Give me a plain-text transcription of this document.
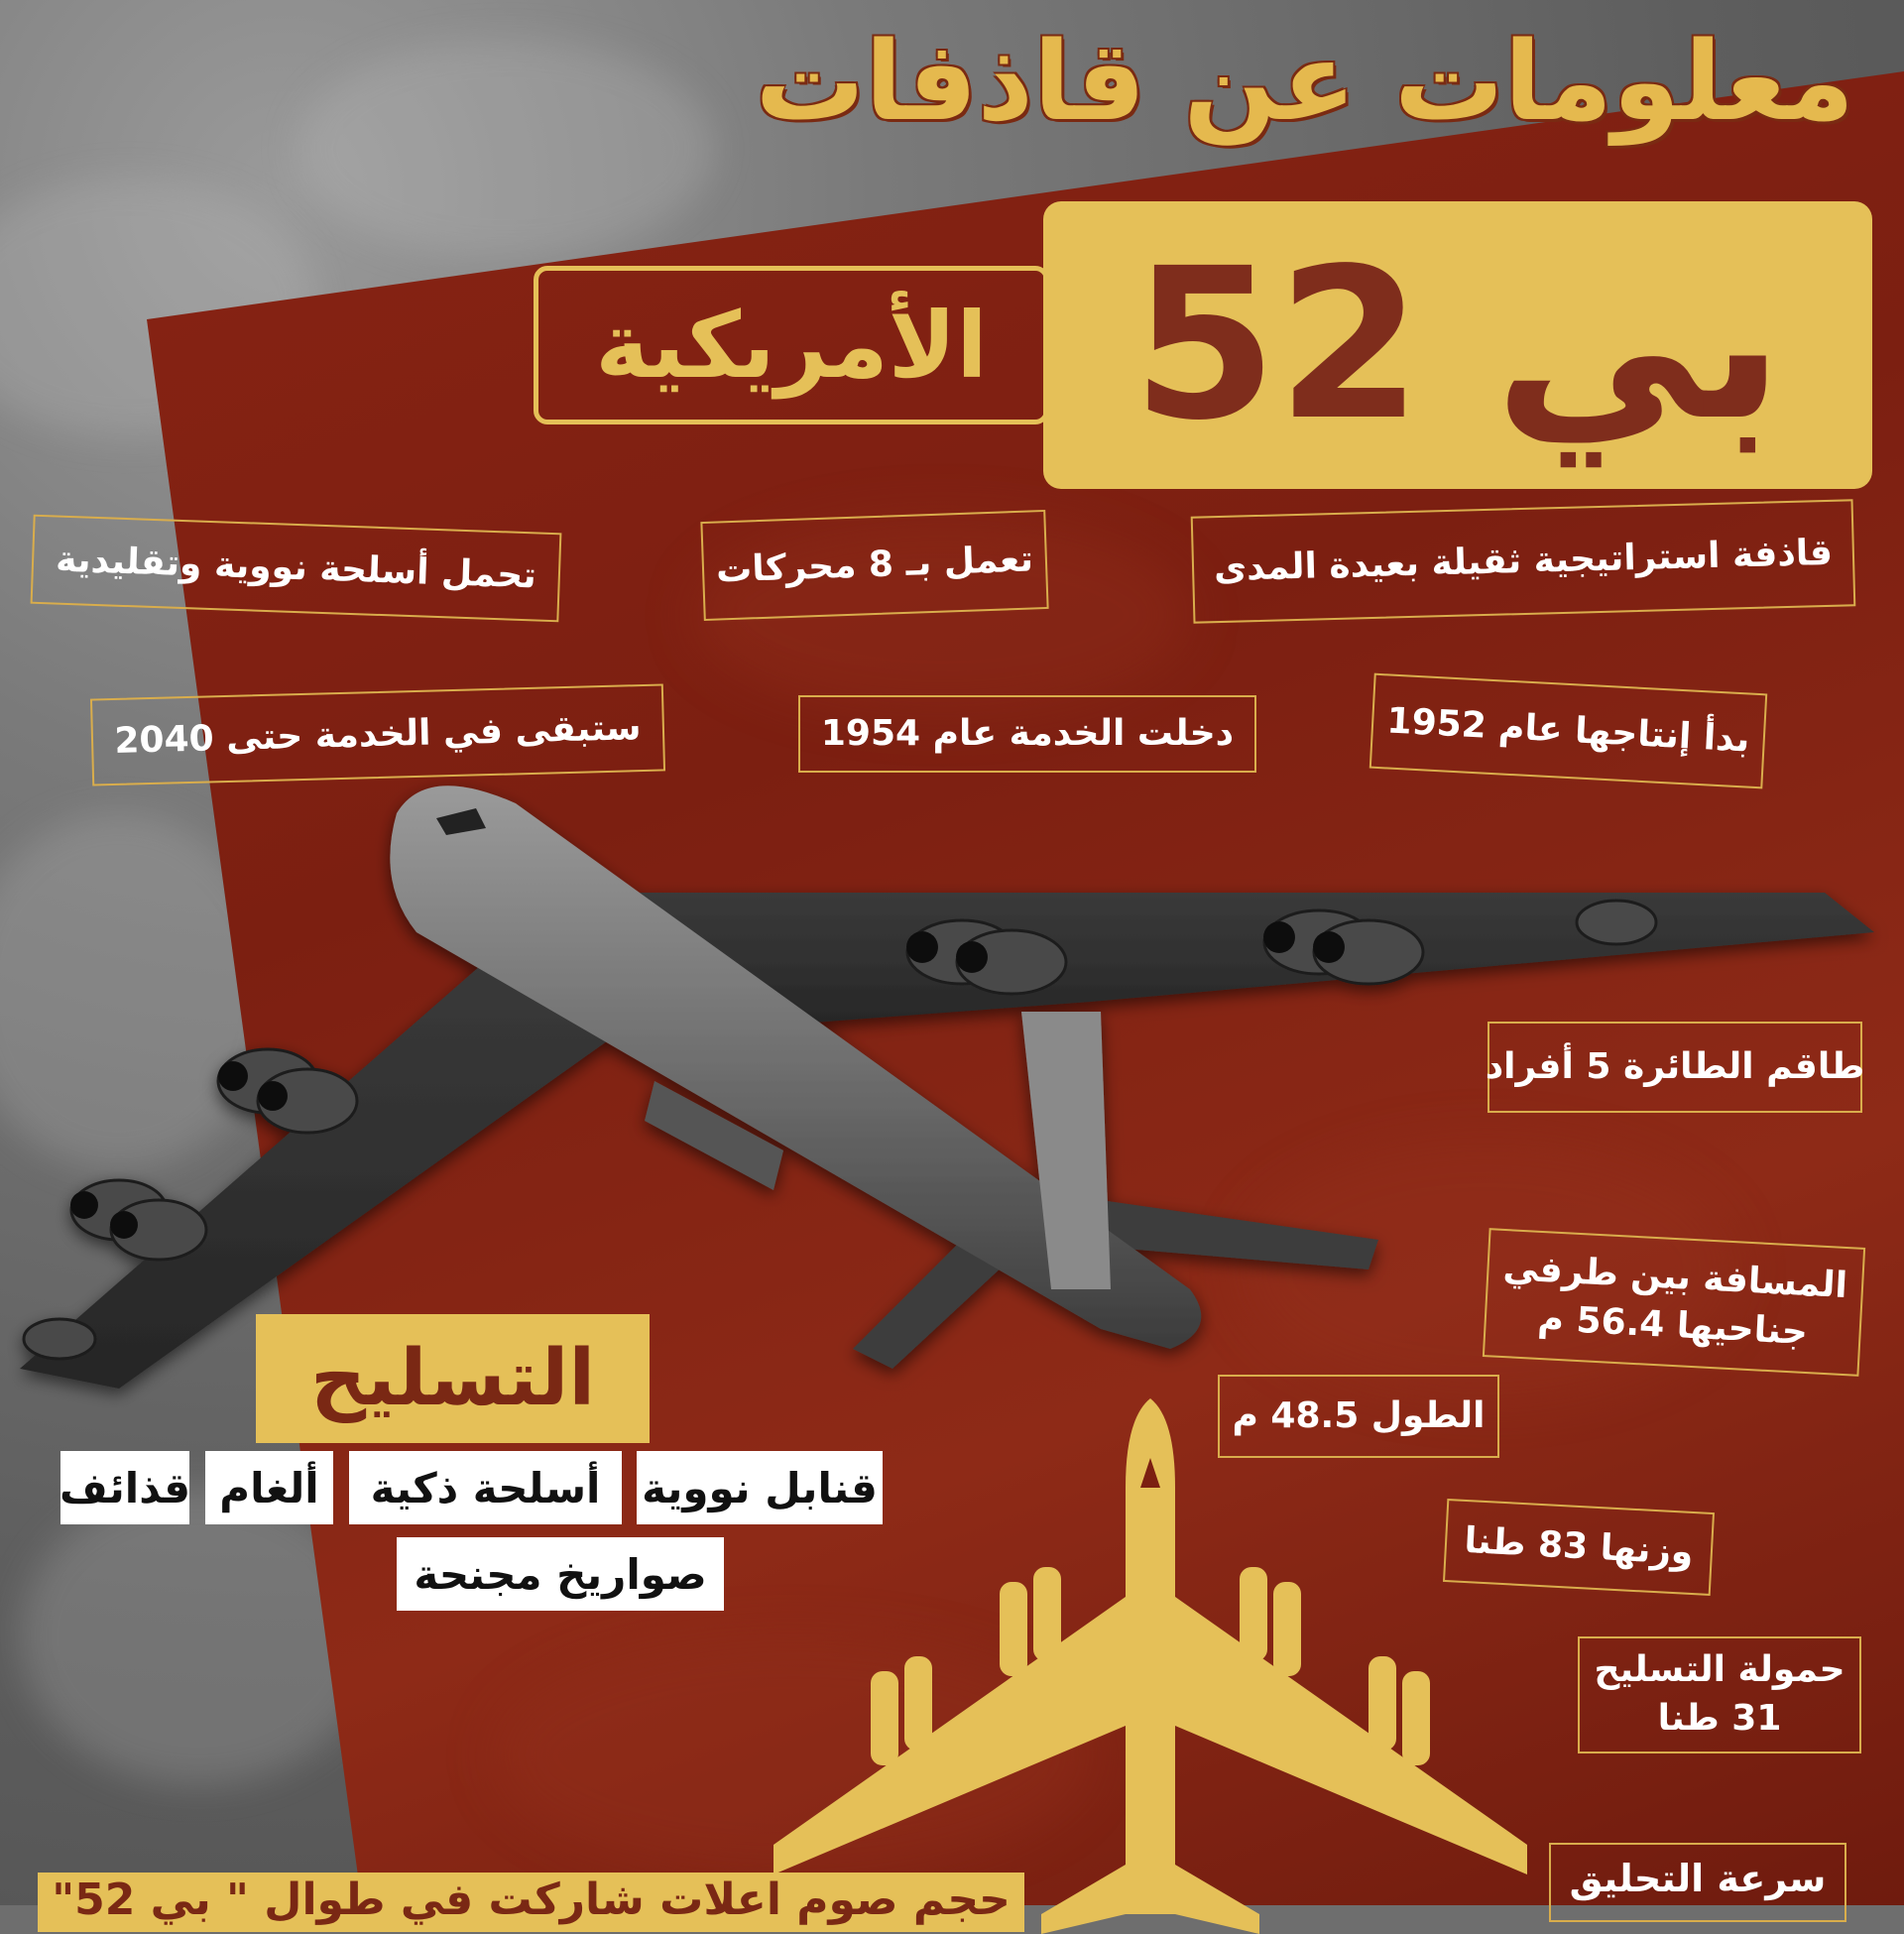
معلومات عن قاذفات
بي 52
الأمريكية
قاذفة استراتيجية ثقيلة بعيدة المدى
تعمل بـ 8 محركات
تحمل أسلحة نووية وتقليدية
بدأ إنتاجها عام 1952
دخلت الخدمة عام 1954
ستبقى في الخدمة حتى 2040
طاقم الطائرة 5 أفراد
المسافة بين طرفي
جناحيها 56.4 م
الطول 48.5 م
وزنها 83 طنا
حمولة التسليح
31 طنا
التسليح
قنابل نووية
أسلحة ذكية
ألغام
قذائف
صواريخ مجنحة
حجم صوم اعلات شاركت في طوال " بي 52"	سرعة التحليق
